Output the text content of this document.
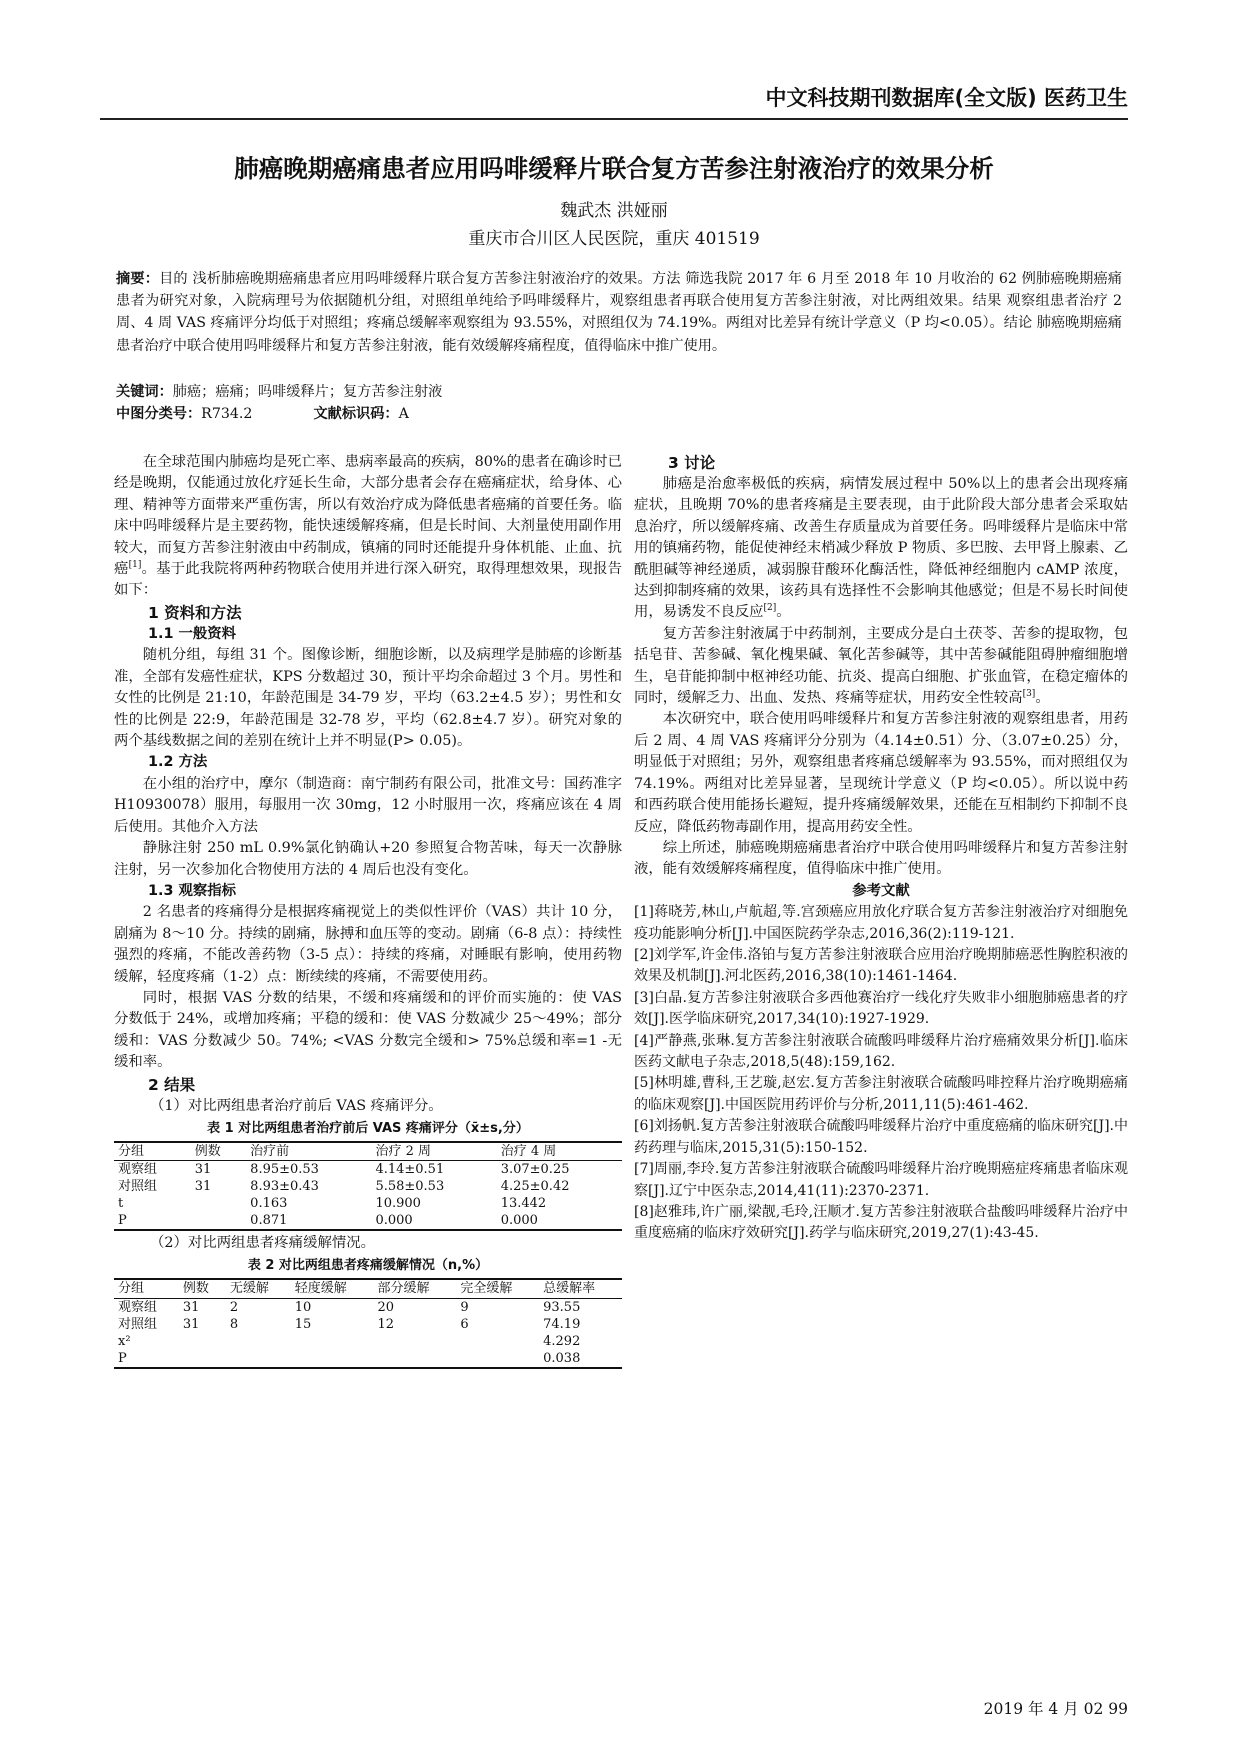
中文科技期刊数据库(全文版) 医药卫生
肺癌晚期癌痛患者应用吗啡缓释片联合复方苦参注射液治疗的效果分析
魏武杰 洪娅丽
重庆市合川区人民医院，重庆 401519
摘要：目的 浅析肺癌晚期癌痛患者应用吗啡缓释片联合复方苦参注射液治疗的效果。方法 筛选我院 2017 年 6 月至 2018 年 10 月收治的 62 例肺癌晚期癌痛患者为研究对象，入院病理号为依据随机分组，对照组单纯给予吗啡缓释片，观察组患者再联合使用复方苦参注射液，对比两组效果。结果 观察组患者治疗 2 周、4 周 VAS 疼痛评分均低于对照组；疼痛总缓解率观察组为 93.55%，对照组仅为 74.19%。两组对比差异有统计学意义（P 均<0.05）。结论 肺癌晚期癌痛患者治疗中联合使用吗啡缓释片和复方苦参注射液，能有效缓解疼痛程度，值得临床中推广使用。
关键词：肺癌；癌痛；吗啡缓释片；复方苦参注射液
中图分类号：R734.2	文献标识码：A

在全球范围内肺癌均是死亡率、患病率最高的疾病，80%的患者在确诊时已经是晚期，仅能通过放化疗延长生命，大部分患者会存在癌痛症状，给身体、心理、精神等方面带来严重伤害，所以有效治疗成为降低患者癌痛的首要任务。临床中吗啡缓释片是主要药物，能快速缓解疼痛，但是长时间、大剂量使用副作用较大，而复方苦参注射液由中药制成，镇痛的同时还能提升身体机能、止血、抗癌[1]。基于此我院将两种药物联合使用并进行深入研究，取得理想效果，现报告如下：

1 资料和方法
1.1 一般资料

随机分组，每组 31 个。图像诊断，细胞诊断，以及病理学是肺癌的诊断基准，全部有发癌性症状，KPS 分数超过 30，预计平均余命超过 3 个月。男性和女性的比例是 21:10，年龄范围是 34-79 岁，平均（63.2±4.5 岁）；男性和女性的比例是 22:9，年龄范围是 32-78 岁，平均（62.8±4.7 岁）。研究对象的两个基线数据之间的差别在统计上并不明显(P> 0.05)。

1.2 方法

在小组的治疗中，摩尔（制造商：南宁制药有限公司，批准文号：国药准字 H10930078）服用，每服用一次 30mg，12 小时服用一次，疼痛应该在 4 周后使用。其他介入方法

静脉注射 250 mL 0.9%氯化钠确认+20 参照复合物苦味，每天一次静脉注射，另一次参加化合物使用方法的 4 周后也没有变化。

1.3 观察指标

2 名患者的疼痛得分是根据疼痛视觉上的类似性评价（VAS）共计 10 分，剧痛为 8～10 分。持续的剧痛，脉搏和血压等的变动。剧痛（6-8 点）：持续性强烈的疼痛，不能改善药物（3-5 点）：持续的疼痛，对睡眠有影响，使用药物缓解，轻度疼痛（1-2）点：断续续的疼痛，不需要使用药。

同时，根据 VAS 分数的结果，不缓和疼痛缓和的评价而实施的：使 VAS 分数低于 24%，或增加疼痛；平稳的缓和：使 VAS 分数减少 25～49%；部分缓和：VAS 分数减少 50。74%; <VAS 分数完全缓和> 75%总缓和率=1 -无缓和率。

2 结果

（1）对比两组患者治疗前后 VAS 疼痛评分。

表 1 对比两组患者治疗前后 VAS 疼痛评分（x̄±s,分）
分组	例数	治疗前	治疗 2 周	治疗 4 周
观察组	31	8.95±0.53	4.14±0.51	3.07±0.25
对照组	31	8.93±0.43	5.58±0.53	4.25±0.42
t		0.163	10.900	13.442
P		0.871	0.000	0.000

（2）对比两组患者疼痛缓解情况。

表 2 对比两组患者疼痛缓解情况（n,%）
分组	例数	无缓解	轻度缓解	部分缓解	完全缓解	总缓解率
观察组	31	2	10	20	9	93.55
对照组	31	8	15	12	6	74.19
x²						4.292
P						0.038
3 讨论

肺癌是治愈率极低的疾病，病情发展过程中 50%以上的患者会出现疼痛症状，且晚期 70%的患者疼痛是主要表现，由于此阶段大部分患者会采取姑息治疗，所以缓解疼痛、改善生存质量成为首要任务。吗啡缓释片是临床中常用的镇痛药物，能促使神经末梢减少释放 P 物质、多巴胺、去甲肾上腺素、乙酰胆碱等神经递质，减弱腺苷酸环化酶活性，降低神经细胞内 cAMP 浓度，达到抑制疼痛的效果，该药具有选择性不会影响其他感觉；但是不易长时间使用，易诱发不良反应[2]。

复方苦参注射液属于中药制剂，主要成分是白土茯苓、苦参的提取物，包括皂苷、苦参碱、氧化槐果碱、氧化苦参碱等，其中苦参碱能阻碍肿瘤细胞增生，皂苷能抑制中枢神经功能、抗炎、提高白细胞、扩张血管，在稳定瘤体的同时，缓解乏力、出血、发热、疼痛等症状，用药安全性较高[3]。

本次研究中，联合使用吗啡缓释片和复方苦参注射液的观察组患者，用药后 2 周、4 周 VAS 疼痛评分分别为（4.14±0.51）分、（3.07±0.25）分，明显低于对照组；另外，观察组患者疼痛总缓解率为 93.55%，而对照组仅为 74.19%。两组对比差异显著，呈现统计学意义（P 均<0.05）。所以说中药和西药联合使用能扬长避短，提升疼痛缓解效果，还能在互相制约下抑制不良反应，降低药物毒副作用，提高用药安全性。

综上所述，肺癌晚期癌痛患者治疗中联合使用吗啡缓释片和复方苦参注射液，能有效缓解疼痛程度，值得临床中推广使用。

参考文献

[1]蒋晓芳,林山,卢航超,等.宫颈癌应用放化疗联合复方苦参注射液治疗对细胞免疫功能影响分析[J].中国医院药学杂志,2016,36(2):119-121.

[2]刘学军,许金伟.洛铂与复方苦参注射液联合应用治疗晚期肺癌恶性胸腔积液的效果及机制[J].河北医药,2016,38(10):1461-1464.

[3]白晶.复方苦参注射液联合多西他赛治疗一线化疗失败非小细胞肺癌患者的疗效[J].医学临床研究,2017,34(10):1927-1929.

[4]严静燕,张琳.复方苦参注射液联合硫酸吗啡缓释片治疗癌痛效果分析[J].临床医药文献电子杂志,2018,5(48):159,162.

[5]林明雄,曹科,王艺璇,赵宏.复方苦参注射液联合硫酸吗啡控释片治疗晚期癌痛的临床观察[J].中国医院用药评价与分析,2011,11(5):461-462.

[6]刘扬帆.复方苦参注射液联合硫酸吗啡缓释片治疗中重度癌痛的临床研究[J].中药药理与临床,2015,31(5):150-152.

[7]周丽,李玲.复方苦参注射液联合硫酸吗啡缓释片治疗晚期癌症疼痛患者临床观察[J].辽宁中医杂志,2014,41(11):2370-2371.

[8]赵雅玮,许广丽,梁靓,毛玲,汪顺才.复方苦参注射液联合盐酸吗啡缓释片治疗中重度癌痛的临床疗效研究[J].药学与临床研究,2019,27(1):43-45.

2019 年 4 月 02 99
